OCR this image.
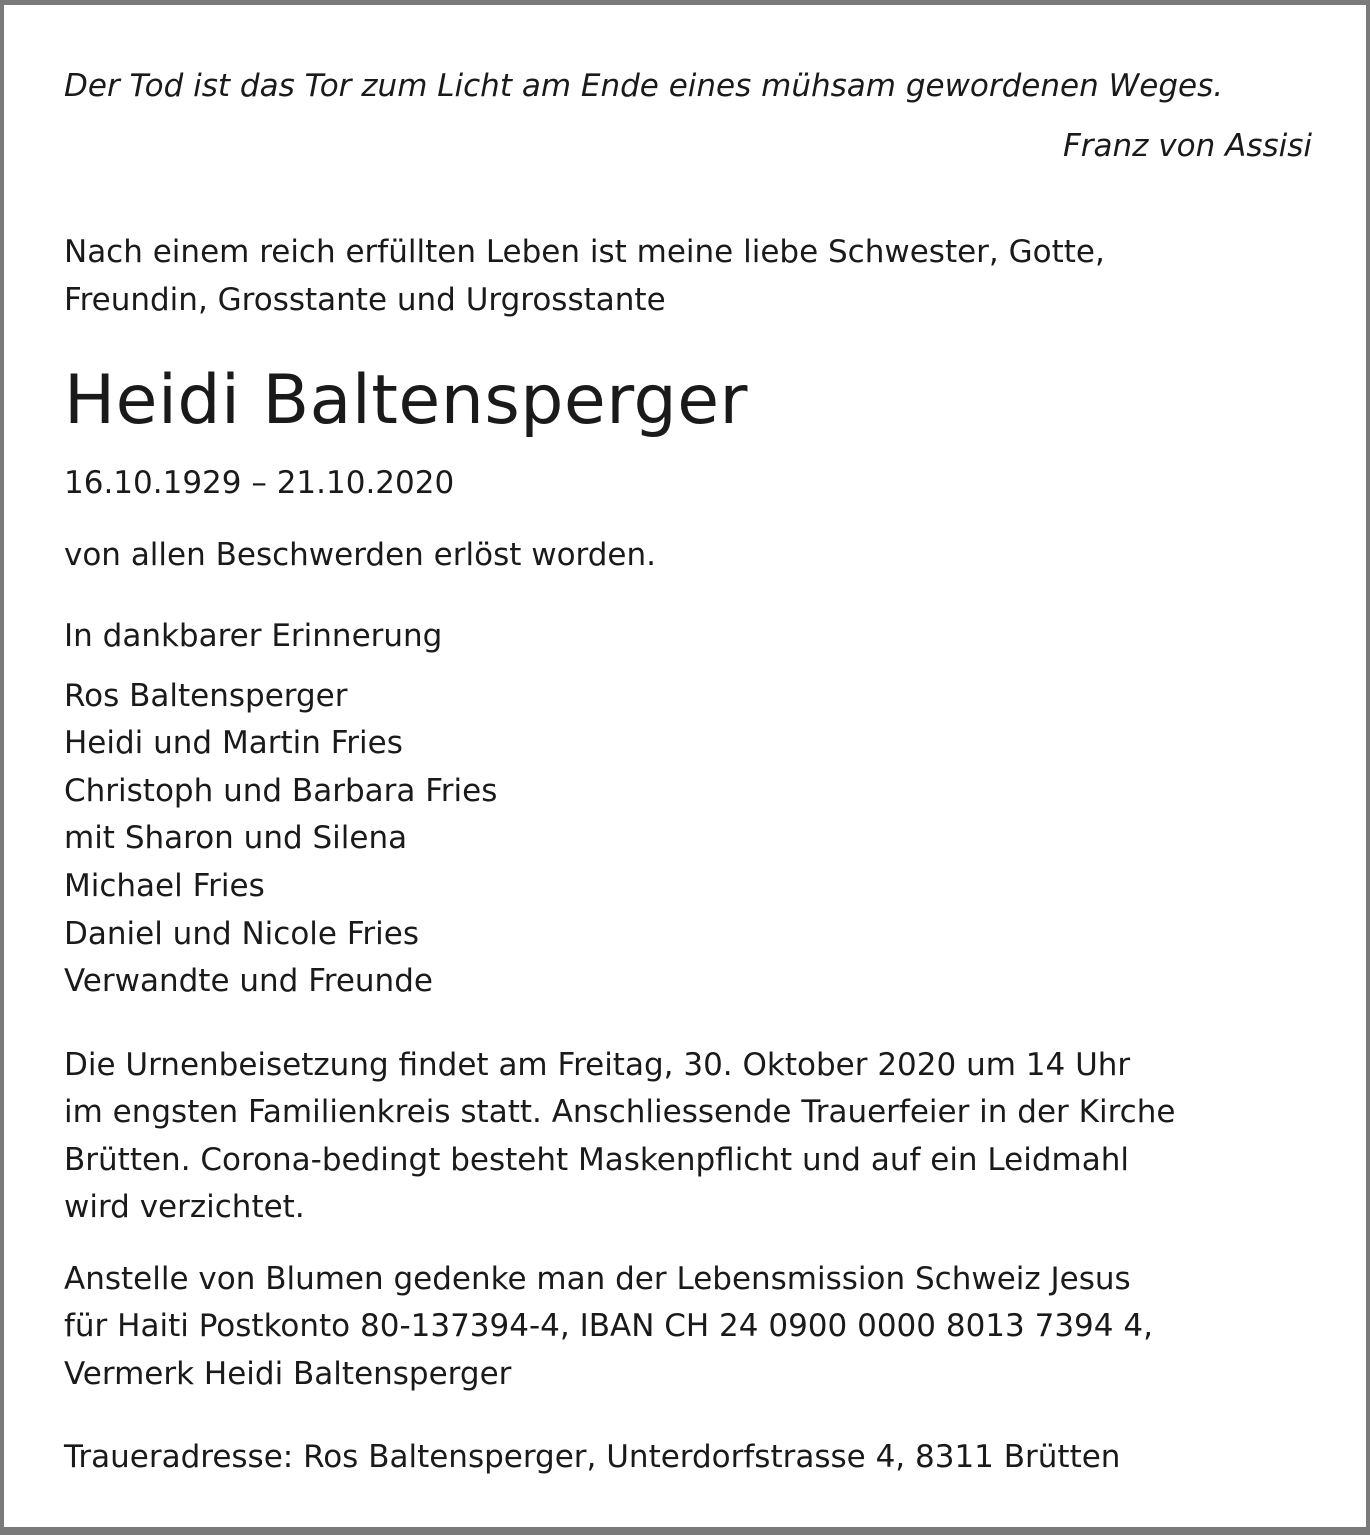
Der Tod ist das Tor zum Licht am Ende eines mühsam gewordenen Weges.
Franz von Assisi
Nach einem reich erfüllten Leben ist meine liebe Schwester, Gotte,
Freundin, Grosstante und Urgrosstante
Heidi Baltensperger
16.10.1929 – 21.10.2020
von allen Beschwerden erlöst worden.
In dankbarer Erinnerung
Ros Baltensperger
Heidi und Martin Fries
Christoph und Barbara Fries
mit Sharon und Silena
Michael Fries
Daniel und Nicole Fries
Verwandte und Freunde
Die Urnenbeisetzung findet am Freitag, 30. Oktober 2020 um 14 Uhr
im engsten Familienkreis statt. Anschliessende Trauerfeier in der Kirche
Brütten. Corona-bedingt besteht Maskenpflicht und auf ein Leidmahl
wird verzichtet.
Anstelle von Blumen gedenke man der Lebensmission Schweiz Jesus
für Haiti Postkonto 80-137394-4, IBAN CH 24 0900 0000 8013 7394 4,
Vermerk Heidi Baltensperger
Traueradresse: Ros Baltensperger, Unterdorfstrasse 4, 8311 Brütten
